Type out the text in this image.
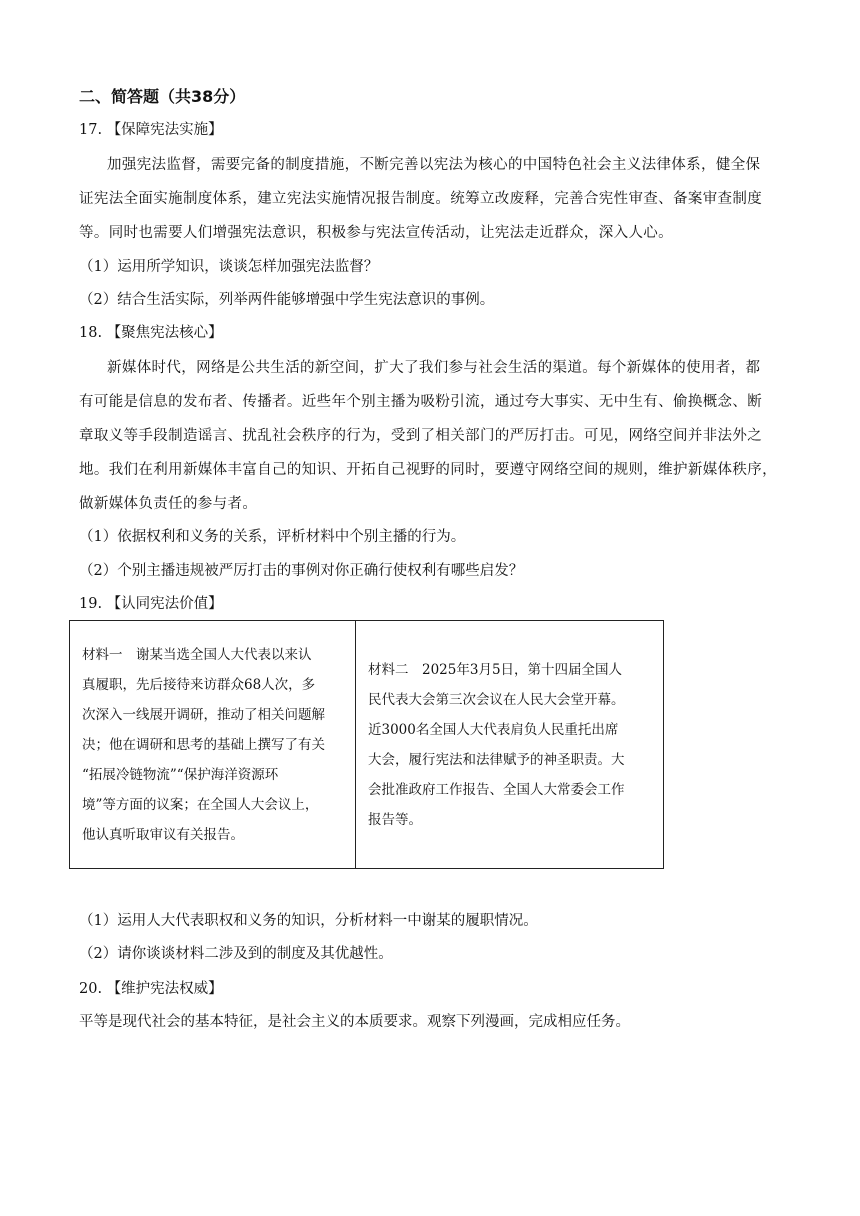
二、简答题（共38分）
17. 【保障宪法实施】
加强宪法监督，需要完备的制度措施，不断完善以宪法为核心的中国特色社会主义法律体系，健全保
证宪法全面实施制度体系，建立宪法实施情况报告制度。统筹立改废释，完善合宪性审查、备案审查制度
等。同时也需要人们增强宪法意识，积极参与宪法宣传活动，让宪法走近群众，深入人心。
（1）运用所学知识，谈谈怎样加强宪法监督？
（2）结合生活实际，列举两件能够增强中学生宪法意识的事例。
18. 【聚焦宪法核心】
新媒体时代，网络是公共生活的新空间，扩大了我们参与社会生活的渠道。每个新媒体的使用者，都
有可能是信息的发布者、传播者。近些年个别主播为吸粉引流，通过夸大事实、无中生有、偷换概念、断
章取义等手段制造谣言、扰乱社会秩序的行为，受到了相关部门的严厉打击。可见，网络空间并非法外之
地。我们在利用新媒体丰富自己的知识、开拓自己视野的同时，要遵守网络空间的规则，维护新媒体秩序，
做新媒体负责任的参与者。
（1）依据权利和义务的关系，评析材料中个别主播的行为。
（2）个别主播违规被严厉打击的事例对你正确行使权利有哪些启发？
19. 【认同宪法价值】
材料一　谢某当选全国人大代表以来认
真履职，先后接待来访群众68人次，多
次深入一线展开调研，推动了相关问题解
决；他在调研和思考的基础上撰写了有关
“拓展冷链物流”“保护海洋资源环
境”等方面的议案；在全国人大会议上，
他认真听取审议有关报告。

材料二　2025年3月5日，第十四届全国人
民代表大会第三次会议在人民大会堂开幕。
近3000名全国人大代表肩负人民重托出席
大会，履行宪法和法律赋予的神圣职责。大
会批准政府工作报告、全国人大常委会工作
报告等。
（1）运用人大代表职权和义务的知识，分析材料一中谢某的履职情况。
（2）请你谈谈材料二涉及到的制度及其优越性。
20. 【维护宪法权威】
平等是现代社会的基本特征，是社会主义的本质要求。观察下列漫画，完成相应任务。
